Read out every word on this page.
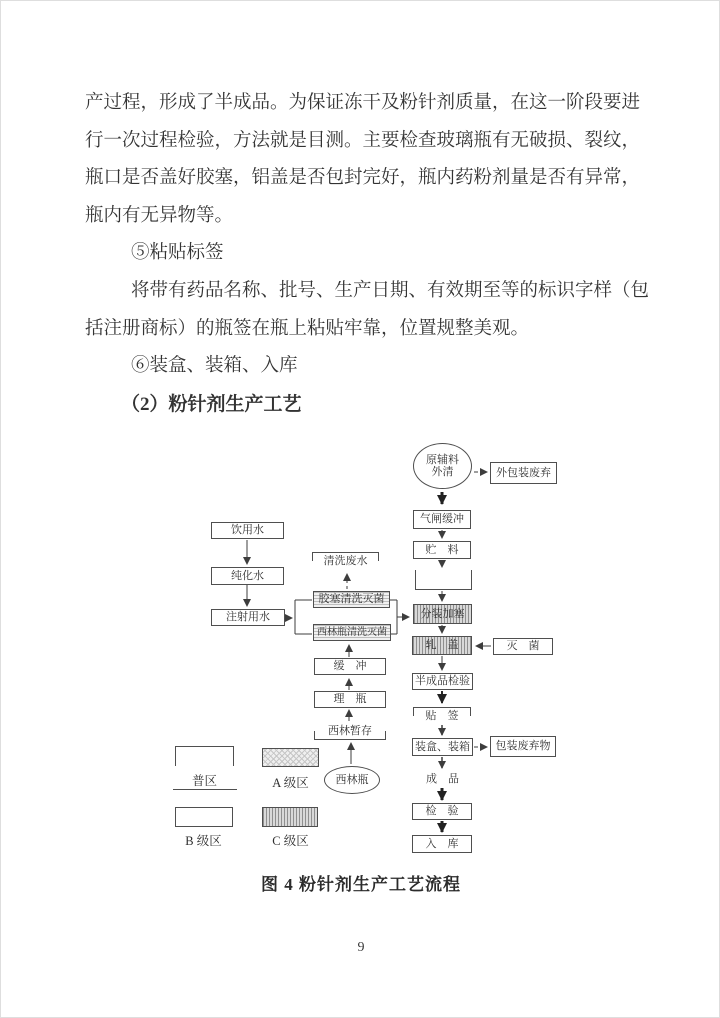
产过程，形成了半成品。为保证冻干及粉针剂质量，在这一阶段要进
行一次过程检验，方法就是目测。主要检查玻璃瓶有无破损、裂纹，
瓶口是否盖好胶塞，铝盖是否包封完好，瓶内药粉剂量是否有异常，
瓶内有无异物等。
⑤粘贴标签
将带有药品名称、批号、生产日期、有效期至等的标识字样（包
括注册商标）的瓶签在瓶上粘贴牢靠，位置规整美观。
⑥装盒、装箱、入库
（2）粉针剂生产工艺
原辅料
外清	外包装废弃
气闸缓冲
贮　料
分装加塞
轧　盖	灭　菌
半成品检验
贴　签
装盒、装箱	包装废弃物
成　品
检　验
入　库
饮用水
纯化水
注射用水
清洗废水
胶塞清洗灭菌
西林瓶清洗灭菌
缓　冲
理　瓶
西林暂存
西林瓶
普区	A 级区
B 级区	C 级区
图 4 粉针剂生产工艺流程
9
